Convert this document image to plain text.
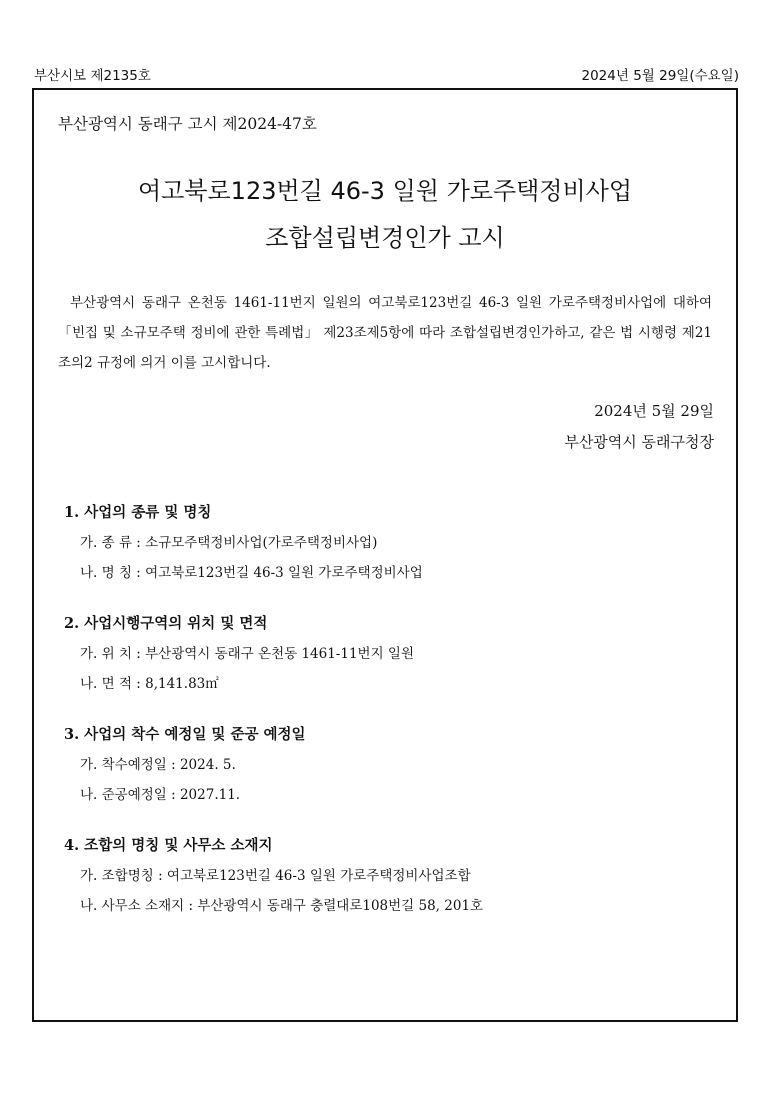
부산시보 제2135호	2024년 5월 29일(수요일)
부산광역시 동래구 고시 제2024-47호
여고북로123번길 46-3 일원 가로주택정비사업
조합설립변경인가 고시
부산광역시 동래구 온천동 1461-11번지 일원의 여고북로123번길 46-3 일원 가로주택정비사업에 대하여 「빈집 및 소규모주택 정비에 관한 특례법」 제23조제5항에 따라 조합설립변경인가하고, 같은 법 시행령 제21조의2 규정에 의거 이를 고시합니다.
2024년 5월 29일
부산광역시 동래구청장
1. 사업의 종류 및 명칭
가. 종 류 : 소규모주택정비사업(가로주택정비사업)
나. 명 칭 : 여고북로123번길 46-3 일원 가로주택정비사업
2. 사업시행구역의 위치 및 면적
가. 위 치 : 부산광역시 동래구 온천동 1461-11번지 일원
나. 면 적 : 8,141.83㎡
3. 사업의 착수 예정일 및 준공 예정일
가. 착수예정일 : 2024. 5.
나. 준공예정일 : 2027.11.
4. 조합의 명칭 및 사무소 소재지
가. 조합명칭 : 여고북로123번길 46-3 일원 가로주택정비사업조합
나. 사무소 소재지 : 부산광역시 동래구 충렬대로108번길 58, 201호
